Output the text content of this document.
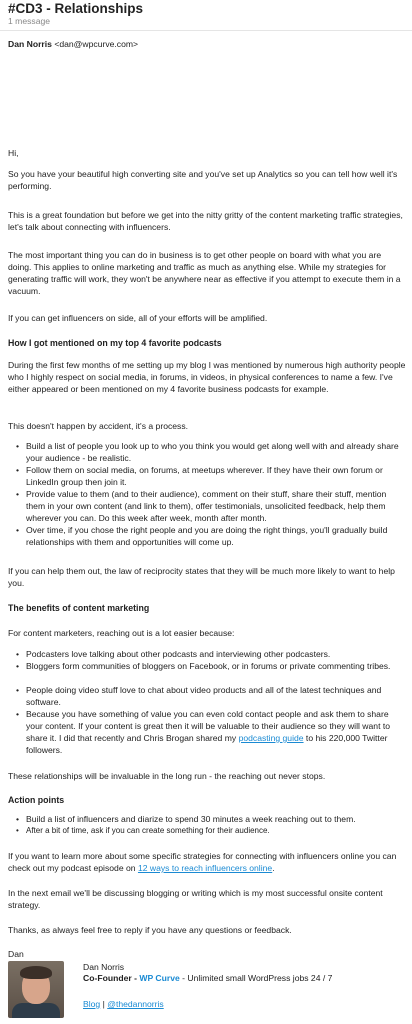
#CD3 - Relationships
1 message
Dan Norris <dan@wpcurve.com>
Hi,
So you have your beautiful high converting site and you've set up Analytics so you can tell how well it's performing.
This is a great foundation but before we get into the nitty gritty of the content marketing traffic strategies, let's talk about connecting with influencers.
The most important thing you can do in business is to get other people on board with what you are doing. This applies to online marketing and traffic as much as anything else. While my strategies for generating traffic will work, they won't be anywhere near as effective if you attempt to execute them in a vacuum.
If you can get influencers on side, all of your efforts will be amplified.
How I got mentioned on my top 4 favorite podcasts
During the first few months of me setting up my blog I was mentioned by numerous high authority people who I highly respect on social media, in forums, in videos, in physical conferences to name a few. I've either appeared or been mentioned on my 4 favorite business podcasts for example.
This doesn't happen by accident, it's a process.
• Build a list of people you look up to who you think you would get along well with and already share your audience - be realistic.
• Follow them on social media, on forums, at meetups wherever. If they have their own forum or LinkedIn group then join it.
• Provide value to them (and to their audience), comment on their stuff, share their stuff, mention them in your own content (and link to them), offer testimonials, unsolicited feedback, help them wherever you can. Do this week after week, month after month.
• Over time, if you chose the right people and you are doing the right things, you'll gradually build relationships with them and opportunities will come up.
If you can help them out, the law of reciprocity states that they will be much more likely to want to help you.
The benefits of content marketing
For content marketers, reaching out is a lot easier because:
• Podcasters love talking about other podcasts and interviewing other podcasters.
• Bloggers form communities of bloggers on Facebook, or in forums or private commenting tribes.
• People doing video stuff love to chat about video products and all of the latest techniques and software.
• Because you have something of value you can even cold contact people and ask them to share your content. If your content is great then it will be valuable to their audience so they will want to share it. I did that recently and Chris Brogan shared my podcasting guide to his 220,000 Twitter followers.
These relationships will be invaluable in the long run - the reaching out never stops.
Action points
• Build a list of influencers and diarize to spend 30 minutes a week reaching out to them.
• After a bit of time, ask if you can create something for their audience.
If you want to learn more about some specific strategies for connecting with influencers online you can check out my podcast episode on 12 ways to reach influencers online.
In the next email we'll be discussing blogging or writing which is my most successful onsite content strategy.
Thanks, as always feel free to reply if you have any questions or feedback.
Dan
Dan Norris
Co-Founder - WP Curve - Unlimited small WordPress jobs 24 / 7
Blog | @thedannorris
